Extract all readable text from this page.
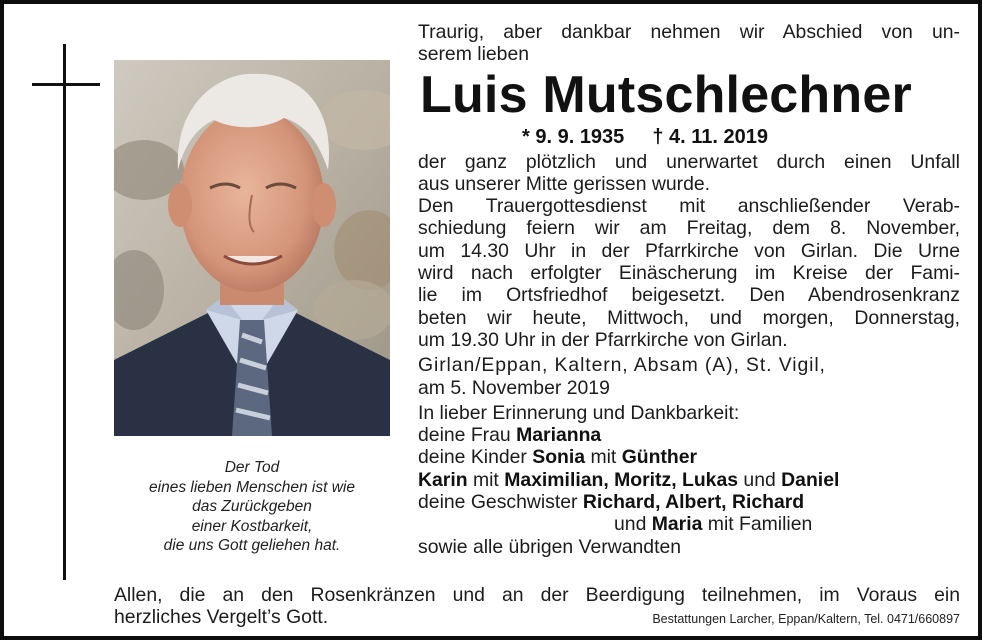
Der Tod
eines lieben Menschen ist wie
das Zurückgeben
einer Kostbarkeit,
die uns Gott geliehen hat.
Traurig, aber dankbar nehmen wir Abschied von un-
serem lieben
Luis Mutschlechner
* 9. 9. 1935 † 4. 11. 2019
der ganz plötzlich und unerwartet durch einen Unfall
aus unserer Mitte gerissen wurde.
Den Trauergottesdienst mit anschließender Verab-
schiedung feiern wir am Freitag, dem 8. November,
um 14.30 Uhr in der Pfarrkirche von Girlan. Die Urne
wird nach erfolgter Einäscherung im Kreise der Fami-
lie im Ortsfriedhof beigesetzt. Den Abendrosenkranz
beten wir heute, Mittwoch, und morgen, Donnerstag,
um 19.30 Uhr in der Pfarrkirche von Girlan.
Girlan/Eppan, Kaltern, Absam (A), St. Vigil,
am 5. November 2019
In lieber Erinnerung und Dankbarkeit:
deine Frau Marianna
deine Kinder Sonia mit Günther
Karin mit Maximilian, Moritz, Lukas und Daniel
deine Geschwister Richard, Albert, Richard
und Maria mit Familien
sowie alle übrigen Verwandten
Allen, die an den Rosenkränzen und an der Beerdigung teilnehmen, im Voraus ein
herzliches Vergelt’s Gott.	Bestattungen Larcher, Eppan/Kaltern, Tel. 0471/660897
